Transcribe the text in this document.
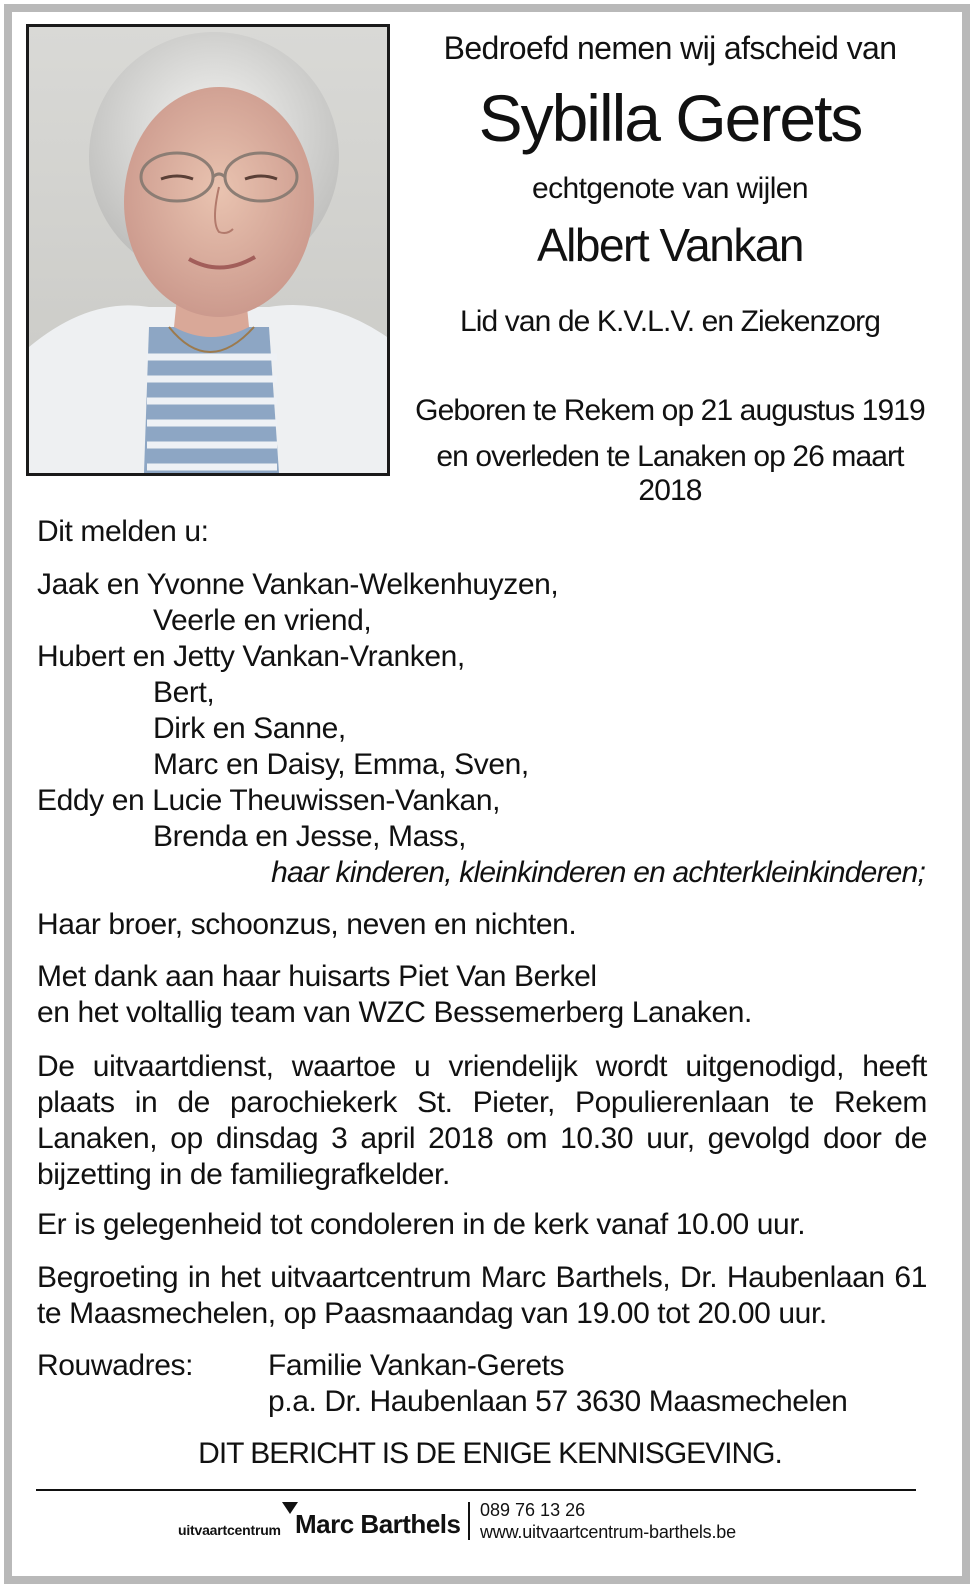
Bedroefd nemen wij afscheid van
Sybilla Gerets
echtgenote van wijlen
Albert Vankan
Lid van de K.V.L.V. en Ziekenzorg
Geboren te Rekem op 21 augustus 1919
en overleden te Lanaken op 26 maart 2018
Dit melden u:
Jaak en Yvonne Vankan-Welkenhuyzen,
Veerle en vriend,
Hubert en Jetty Vankan-Vranken,
Bert,
Dirk en Sanne,
Marc en Daisy, Emma, Sven,
Eddy en Lucie Theuwissen-Vankan,
Brenda en Jesse, Mass,
haar kinderen, kleinkinderen en achterkleinkinderen;
Haar broer, schoonzus, neven en nichten.
Met dank aan haar huisarts Piet Van Berkel
en het voltallig team van WZC Bessemerberg Lanaken.
De uitvaartdienst, waartoe u vriendelijk wordt uitgenodigd, heeft plaats in de parochiekerk St. Pieter, Populierenlaan te Rekem Lanaken, op dinsdag 3 april 2018 om 10.30 uur, gevolgd door de bijzetting in de familiegrafkelder.
Er is gelegenheid tot condoleren in de kerk vanaf 10.00 uur.
Begroeting in het uitvaartcentrum Marc Barthels, Dr. Haubenlaan 61 te Maasmechelen, op Paasmaandag van 19.00 tot 20.00 uur.
Rouwadres: Familie Vankan-Gerets
p.a. Dr. Haubenlaan 57 3630 Maasmechelen
DIT BERICHT IS DE ENIGE KENNISGEVING.
uitvaartcentrum Marc Barthels 089 76 13 26
www.uitvaartcentrum-barthels.be
